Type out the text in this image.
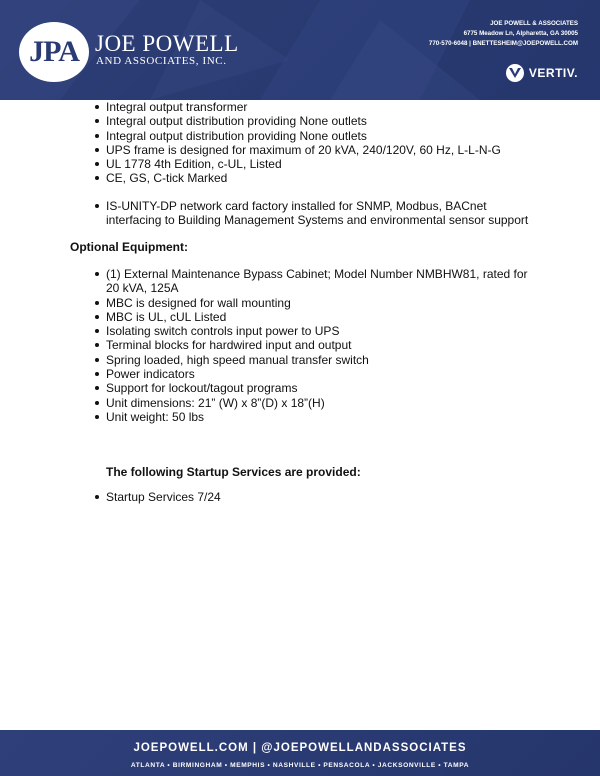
JPA JOE POWELL
AND ASSOCIATES, INC.
JOE POWELL & ASSOCIATES
6775 Meadow Ln, Alpharetta, GA 30005
770-570-6048 | BNETTESHEIM@JOEPOWELL.COM
VERTIV.
Integral output transformer
Integral output distribution providing None outlets
Integral output distribution providing None outlets
UPS frame is designed for maximum of 20 kVA, 240/120V, 60 Hz, L-L-N-G
UL 1778 4th Edition, c-UL, Listed
CE, GS, C-tick Marked
IS-UNITY-DP network card factory installed for SNMP, Modbus, BACnet interfacing to Building Management Systems and environmental sensor support
Optional Equipment:
(1) External Maintenance Bypass Cabinet; Model Number NMBHW81, rated for 20 kVA, 125A
MBC is designed for wall mounting
MBC is UL, cUL Listed
Isolating switch controls input power to UPS
Terminal blocks for hardwired input and output
Spring loaded, high speed manual transfer switch
Power indicators
Support for lockout/tagout programs
Unit dimensions: 21” (W) x 8”(D) x 18”(H)
Unit weight: 50 lbs
The following Startup Services are provided:
Startup Services 7/24
JOEPOWELL.COM | @JOEPOWELLANDASSOCIATES
ATLANTA • BIRMINGHAM • MEMPHIS • NASHVILLE • PENSACOLA • JACKSONVILLE • TAMPA
